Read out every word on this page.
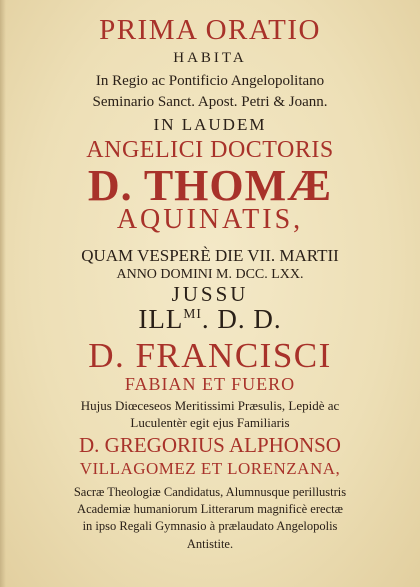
PRIMA ORATIO
HABITA
In Regio ac Pontificio Angelopolitano
Seminario Sanct. Apost. Petri & Joann.
IN LAUDEM
ANGELICI DOCTORIS
D. THOMÆ
AQUINATIS,
QUAM VESPERÈ DIE VII. MARTII
ANNO DOMINI M. DCC. LXX.
JUSSU
$ILL^{MI}$. D. D.
D. FRANCISCI
FABIAN ET FUERO
Hujus Diœceseos Meritissimi Præsulis, Lepidè ac
Luculentèr egit ejus Familiaris
D. GREGORIUS ALPHONSO
VILLAGOMEZ ET LORENZANA,
Sacræ Theologiæ Candidatus, Alumnusque perillustris
Academiæ humaniorum Litterarum magnificè erectæ
in ipso Regali Gymnasio à prælaudato Angelopolis
Antistite.
